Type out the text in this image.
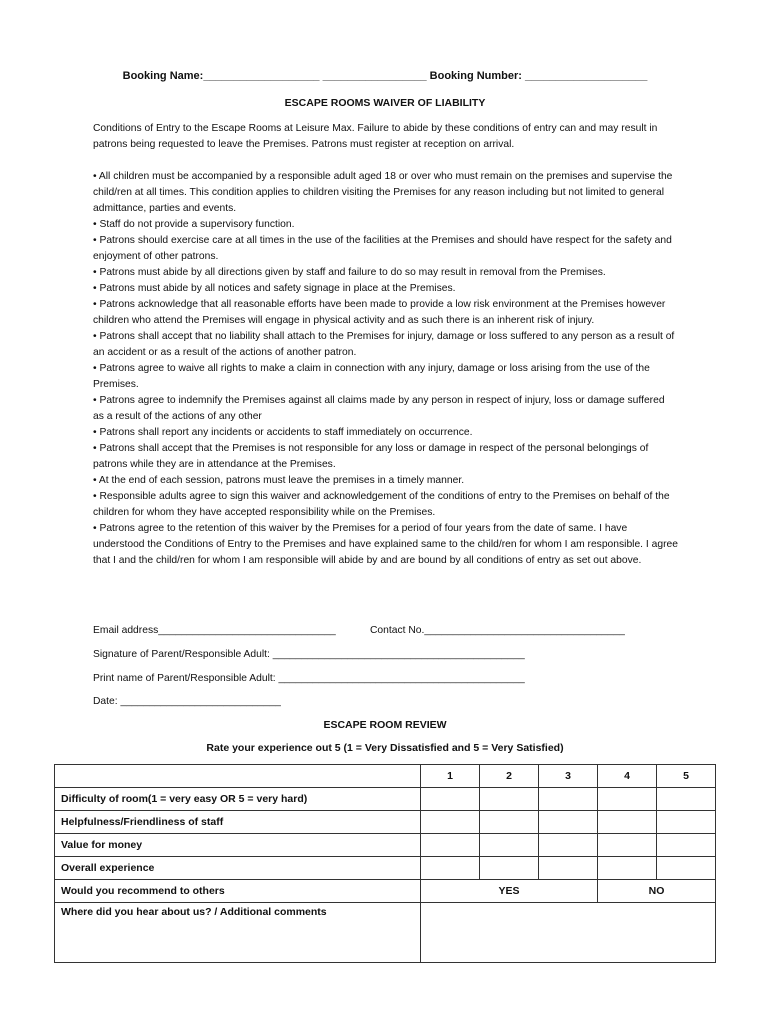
Booking Name:___________________ _________________ Booking Number: ____________________
ESCAPE ROOMS WAIVER OF LIABILITY
Conditions of Entry to the Escape Rooms at Leisure Max. Failure to abide by these conditions of entry can and may result in patrons being requested to leave the Premises. Patrons must register at reception on arrival.

• All children must be accompanied by a responsible adult aged 18 or over who must remain on the premises and supervise the child/ren at all times. This condition applies to children visiting the Premises for any reason including but not limited to general admittance, parties and events.

• Staff do not provide a supervisory function.

• Patrons should exercise care at all times in the use of the facilities at the Premises and should have respect for the safety and enjoyment of other patrons.

• Patrons must abide by all directions given by staff and failure to do so may result in removal from the Premises.

• Patrons must abide by all notices and safety signage in place at the Premises.

• Patrons acknowledge that all reasonable efforts have been made to provide a low risk environment at the Premises however children who attend the Premises will engage in physical activity and as such there is an inherent risk of injury.

• Patrons shall accept that no liability shall attach to the Premises for injury, damage or loss suffered to any person as a result of an accident or as a result of the actions of another patron.

• Patrons agree to waive all rights to make a claim in connection with any injury, damage or loss arising from the use of the Premises.

• Patrons agree to indemnify the Premises against all claims made by any person in respect of injury, loss or damage suffered as a result of the actions of any other

• Patrons shall report any incidents or accidents to staff immediately on occurrence.

• Patrons shall accept that the Premises is not responsible for any loss or damage in respect of the personal belongings of patrons while they are in attendance at the Premises.

• At the end of each session, patrons must leave the premises in a timely manner.

• Responsible adults agree to sign this waiver and acknowledgement of the conditions of entry to the Premises on behalf of the children for whom they have accepted responsibility while on the Premises.

• Patrons agree to the retention of this waiver by the Premises for a period of four years from the date of same. I have understood the Conditions of Entry to the Premises and have explained same to the child/ren for whom I am responsible. I agree that I and the child/ren for whom I am responsible will abide by and are bound by all conditions of entry as set out above.

Email address_______________________________	Contact No.___________________________________
Signature of Parent/Responsible Adult: ____________________________________________
Print name of Parent/Responsible Adult: ___________________________________________
Date: ____________________________
ESCAPE ROOM REVIEW
Rate your experience out 5 (1 = Very Dissatisfied and 5 = Very Satisfied)
	1	2	3	4	5
Difficulty of room(1 = very easy OR 5 = very hard)					
Helpfulness/Friendliness of staff					
Value for money					
Overall experience					
Would you recommend to others	YES			NO	
Where did you hear about us? / Additional comments					
